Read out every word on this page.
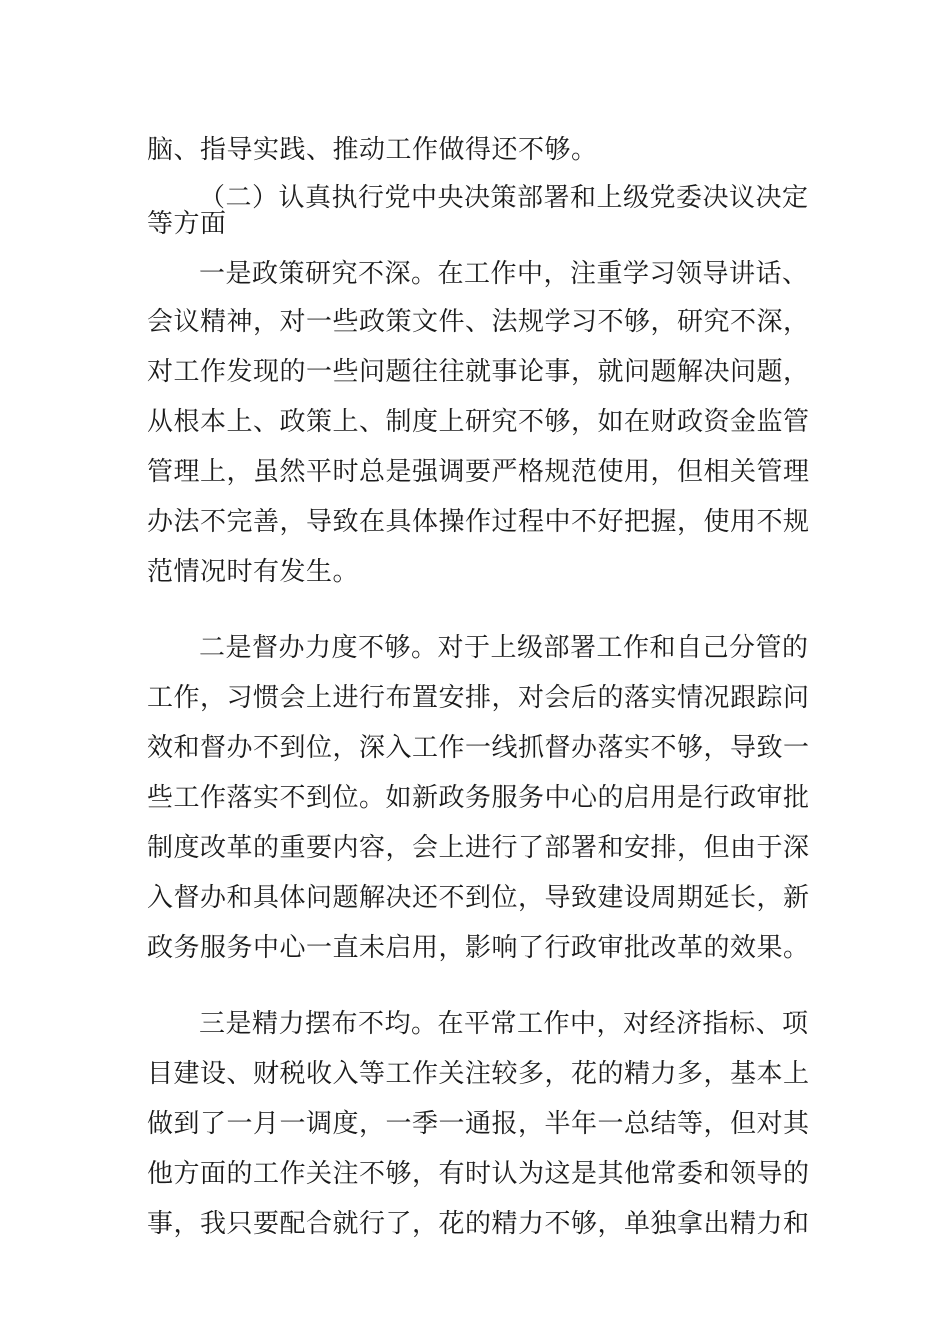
脑、指导实践、推动工作做得还不够。
（二）认真执行党中央决策部署和上级党委决议决定
等方面
一是政策研究不深。在工作中，注重学习领导讲话、
会议精神，对一些政策文件、法规学习不够，研究不深，
对工作发现的一些问题往往就事论事，就问题解决问题，
从根本上、政策上、制度上研究不够，如在财政资金监管
管理上，虽然平时总是强调要严格规范使用，但相关管理
办法不完善，导致在具体操作过程中不好把握，使用不规
范情况时有发生。
二是督办力度不够。对于上级部署工作和自己分管的
工作，习惯会上进行布置安排，对会后的落实情况跟踪问
效和督办不到位，深入工作一线抓督办落实不够，导致一
些工作落实不到位。如新政务服务中心的启用是行政审批
制度改革的重要内容，会上进行了部署和安排，但由于深
入督办和具体问题解决还不到位，导致建设周期延长，新
政务服务中心一直未启用，影响了行政审批改革的效果。
三是精力摆布不均。在平常工作中，对经济指标、项
目建设、财税收入等工作关注较多，花的精力多，基本上
做到了一月一调度，一季一通报，半年一总结等，但对其
他方面的工作关注不够，有时认为这是其他常委和领导的
事，我只要配合就行了，花的精力不够，单独拿出精力和
